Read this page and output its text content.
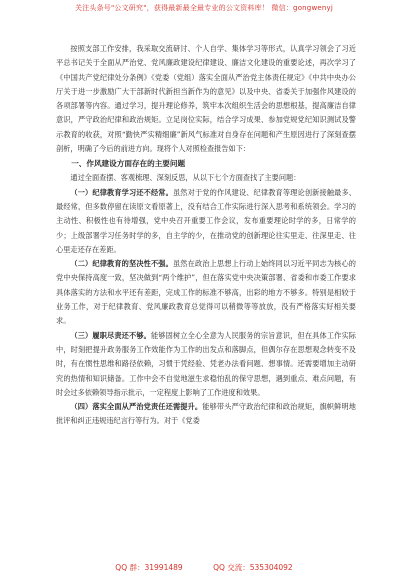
关注头条号"公文研究"，获得最新最全最专业的公文资料库！ 微信：gongwenyj

按照支部工作安排，我采取交流研讨、个人自学、集体学习等形式，认真学习领会了习近平总书记关于全面从严治党、党风廉政建设纪律建设、廉洁文化建设的重要论述，再次学习了《中国共产党纪律处分条例》《党委（党组）落实全面从严治党主体责任规定》《中共中央办公厅关于进一步激励广大干部新时代新担当新作为的意见》以及中央、省委关于加强作风建设的各项部署等内容。通过学习，提升理论修养，筑牢本次组织生活会的思想根基，提高廉洁自律意识，严守政治纪律和政治规矩。立足岗位实际，结合学习成果、参加党规党纪知识测试及警示教育的收获，对照“勤快严实精细廉”新风气标准对自身存在问题和产生原因进行了深刻查摆剖析，明确了今后的前进方向。现将个人对照检查报告如下：

一、作风建设方面存在的主要问题

通过全面查摆、客观梳理、深刻反思，从以下七个方面查找了主要问题：

（一）纪律教育学习还不经常。虽然对于党的作风建设、纪律教育等理论创新接触最多、最经常，但多数停留在读原文看原著上，没有结合工作实际进行深入思考和系统领会。学习的主动性、积极性也有待增强，党中央召开重要工作会议，发布重要理论时学的多，日常学的少；上级部署学习任务时学的多，自主学的少，在推动党的创新理论往实里走、往深里走、往心里走还存在差距。

（二）纪律教育的坚决性不强。虽然在政治上思想上行动上始终同以习近平同志为核心的党中央保持高度一致，坚决做到“两个维护”，但在落实党中央决策部署、省委和市委工作要求具体落实的方法和水平还有差距，完成工作的标准不够高，出彩的地方不够多。特别是相较于业务工作，对于纪律教育、党风廉政教育总觉得可以稍微等等放放，没有严格落实好相关要求。

（三）履职尽责还不够。能够固树立全心全意为人民服务的宗旨意识，但在具体工作实际中，时刻把提升政务服务工作效能作为工作的出发点和落脚点，但偶尔存在思想观念转变不及时，有在惯性思维和路径依赖，习惯于凭经验、凭老办法看问题、想事情。还需要增加主动研究的热情和知识储备。工作中会不自觉地滋生求稳怕乱的保守思想，遇到重点、难点问题，有时会过多依赖领导指示批示，一定程度上影响了工作进度和效果。

（四）落实全面从严治党责任还需提升。能够带头严守政治纪律和政治规矩，旗帜鲜明地批评和纠正违规违纪言行等行为。对于《党委

QQ 群：31991489	QQ 交流：535304092
